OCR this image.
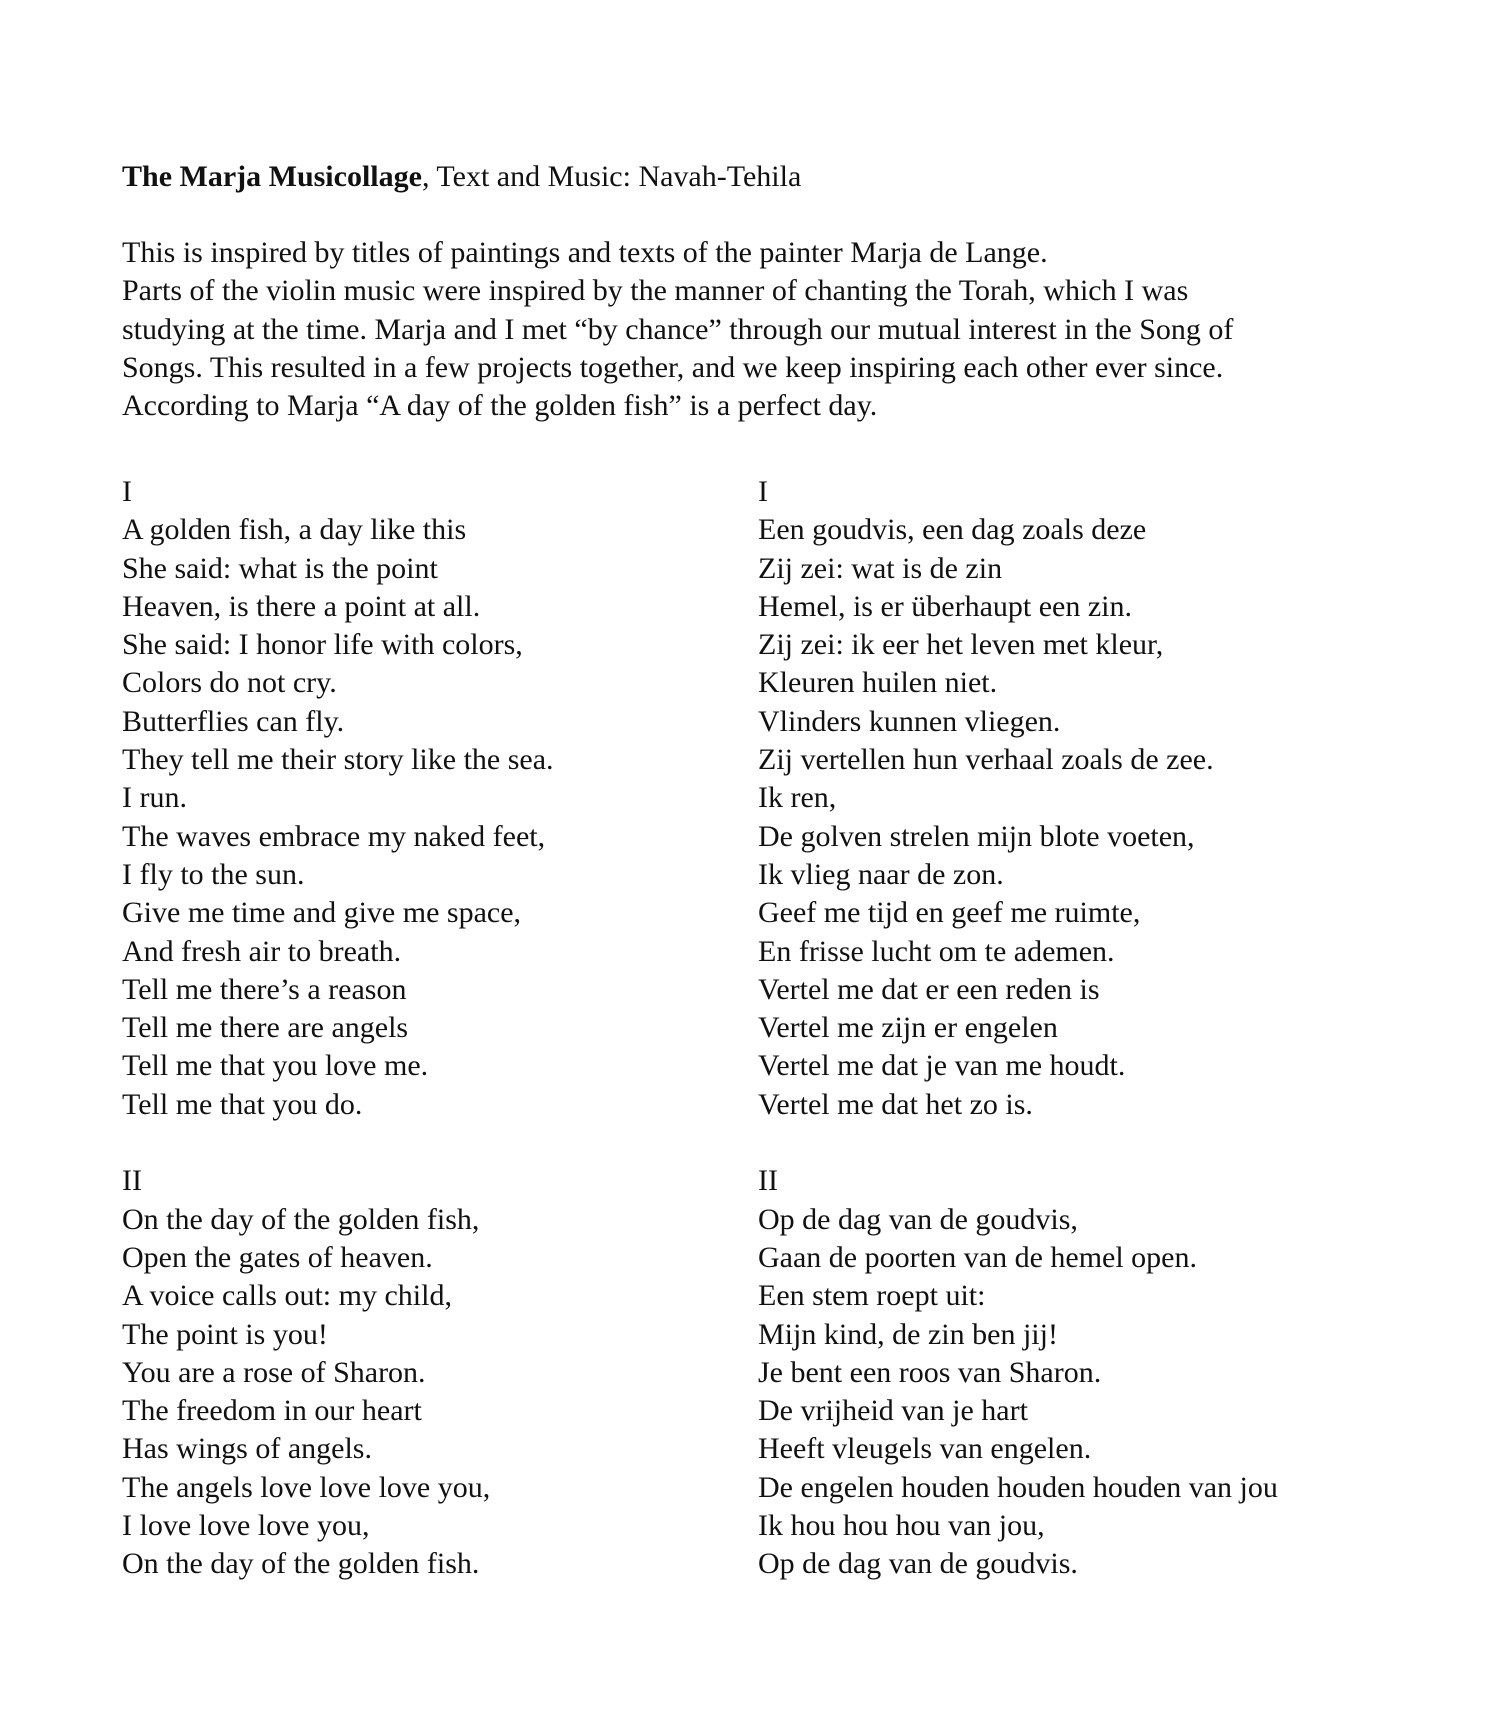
The Marja Musicollage, Text and Music: Navah-Tehila

This is inspired by titles of paintings and texts of the painter Marja de Lange.

Parts of the violin music were inspired by the manner of chanting the Torah, which I was

studying at the time. Marja and I met “by chance” through our mutual interest in the Song of

Songs. This resulted in a few projects together, and we keep inspiring each other ever since.

According to Marja “A day of the golden fish” is a perfect day.

I
A golden fish, a day like this
She said: what is the point
Heaven, is there a point at all.
She said: I honor life with colors,
Colors do not cry.
Butterflies can fly.
They tell me their story like the sea.
I run.
The waves embrace my naked feet,
I fly to the sun.
Give me time and give me space,
And fresh air to breath.
Tell me there’s a reason
Tell me there are angels
Tell me that you love me.
Tell me that you do.
II
On the day of the golden fish,
Open the gates of heaven.
A voice calls out: my child,
The point is you!
You are a rose of Sharon.
The freedom in our heart
Has wings of angels.
The angels love love love you,
I love love love you,
On the day of the golden fish.
I
Een goudvis, een dag zoals deze
Zij zei: wat is de zin
Hemel, is er überhaupt een zin.
Zij zei: ik eer het leven met kleur,
Kleuren huilen niet.
Vlinders kunnen vliegen.
Zij vertellen hun verhaal zoals de zee.
Ik ren,
De golven strelen mijn blote voeten,
Ik vlieg naar de zon.
Geef me tijd en geef me ruimte,
En frisse lucht om te ademen.
Vertel me dat er een reden is
Vertel me zijn er engelen
Vertel me dat je van me houdt.
Vertel me dat het zo is.
II
Op de dag van de goudvis,
Gaan de poorten van de hemel open.
Een stem roept uit:
Mijn kind, de zin ben jij!
Je bent een roos van Sharon.
De vrijheid van je hart
Heeft vleugels van engelen.
De engelen houden houden houden van jou
Ik hou hou hou van jou,
Op de dag van de goudvis.
